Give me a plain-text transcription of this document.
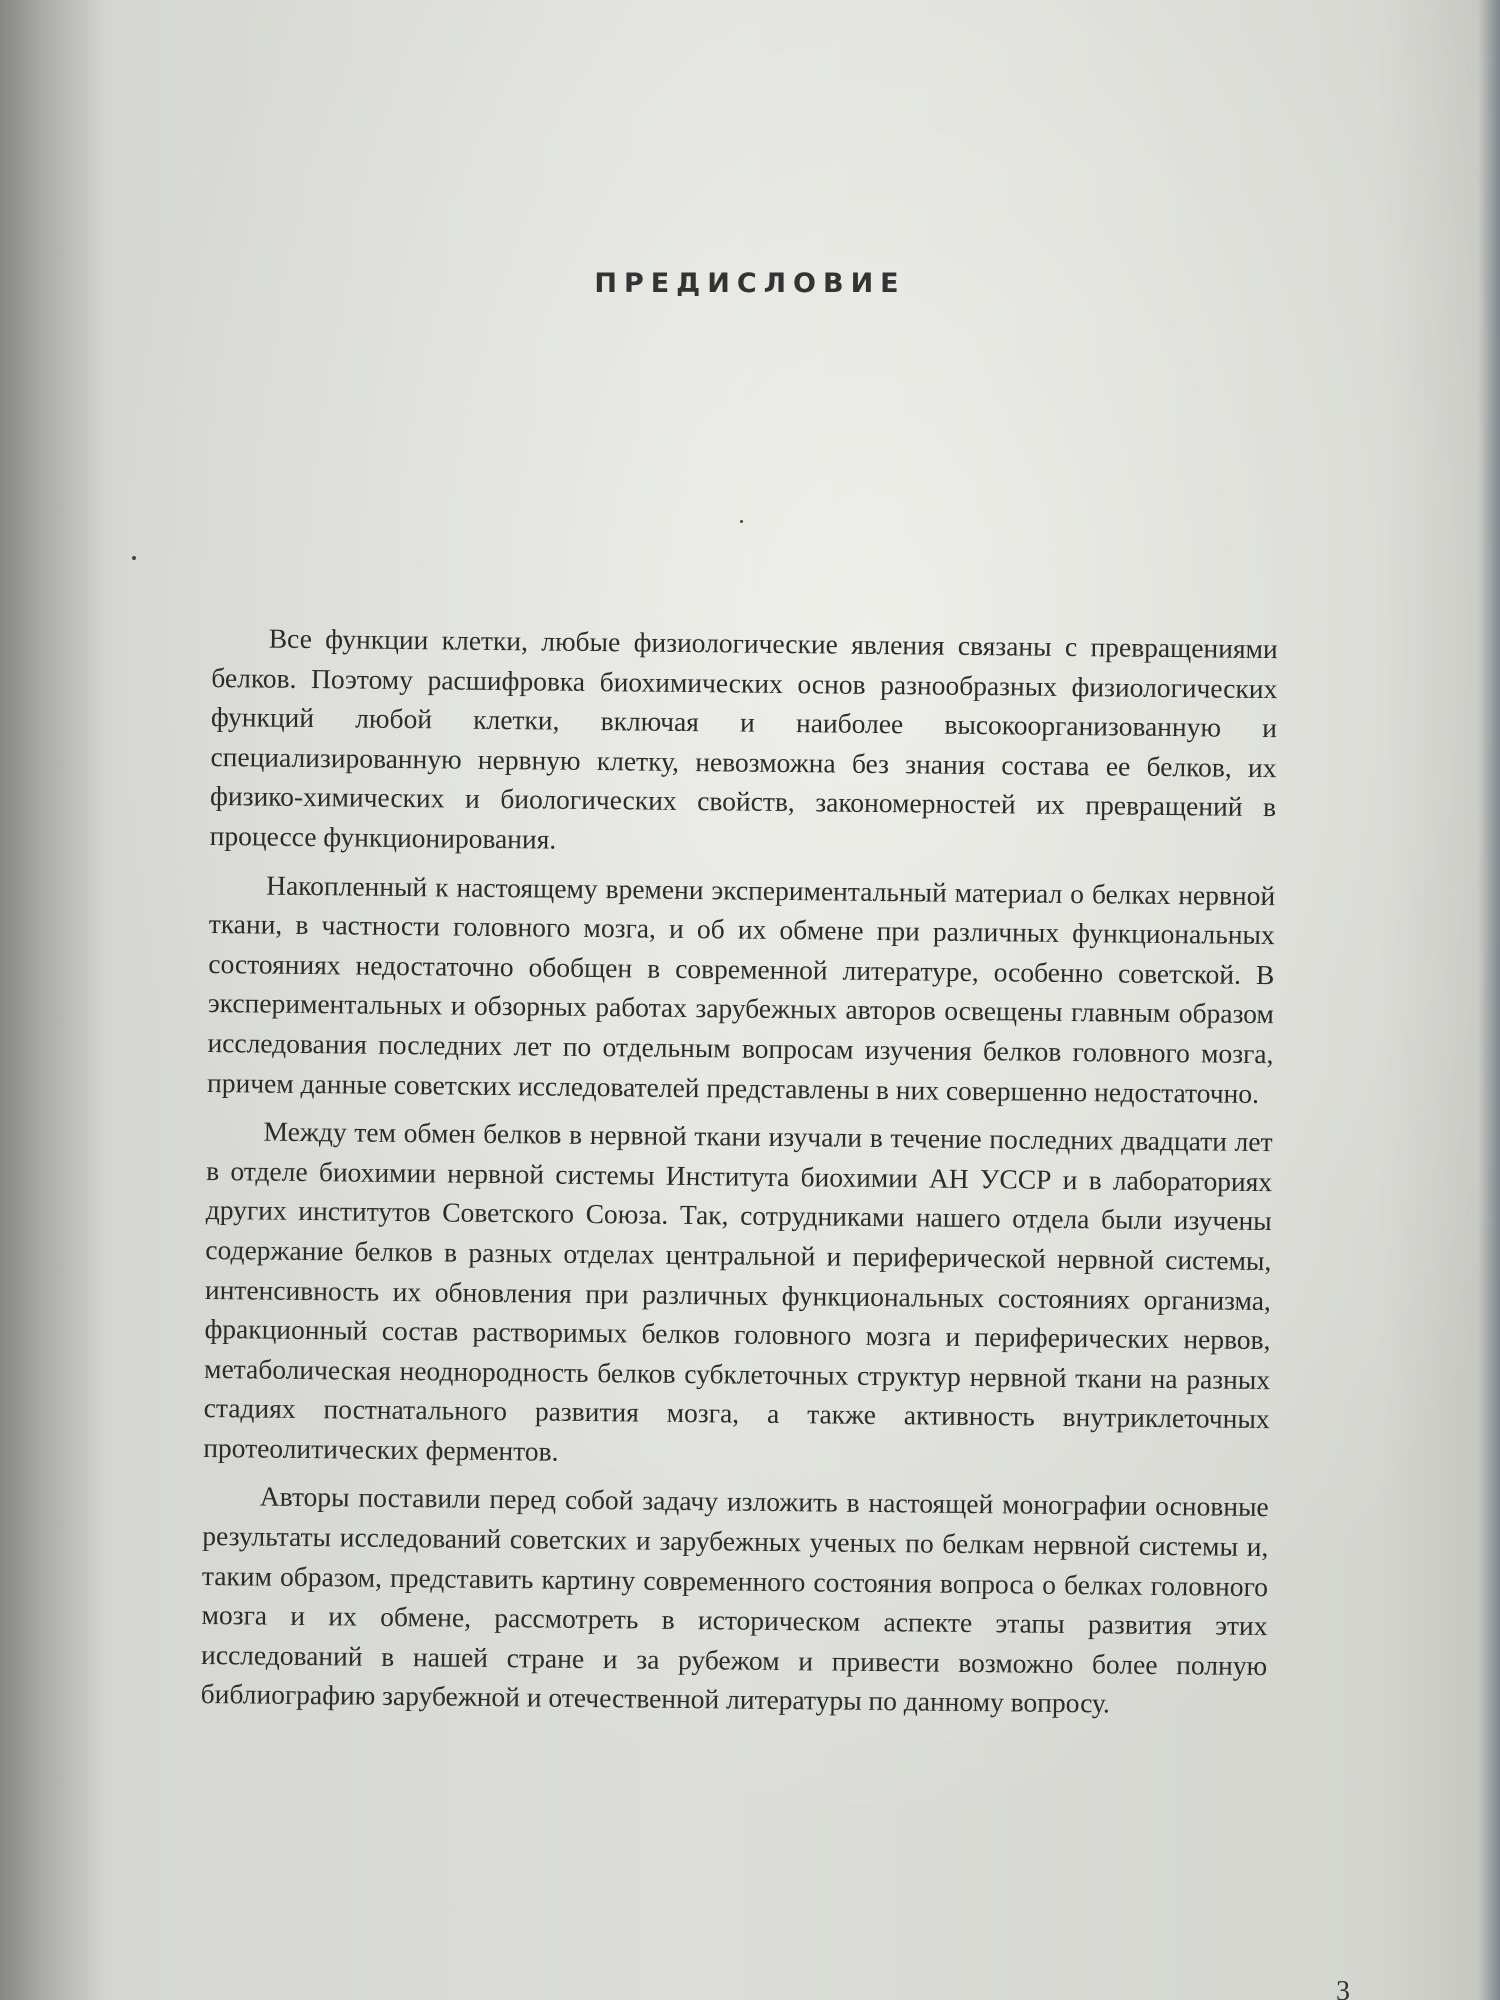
ПРЕДИСЛОВИЕ

Все функции клетки, любые физиологические явления связаны с превращениями белков. Поэтому расшифровка биохимических основ разнообразных физиологических функций любой клетки, включая и наиболее высокоорганизованную и специализированную нервную клетку, невозможна без знания состава ее белков, их физико-химических и биологических свойств, закономерностей их превращений в процессе функционирования.

Накопленный к настоящему времени экспериментальный материал о белках нервной ткани, в частности головного мозга, и об их обмене при различных функциональных состояниях недостаточно обобщен в современной литературе, особенно советской. В экспериментальных и обзорных работах зарубежных авторов освещены главным образом исследования последних лет по отдельным вопросам изучения белков головного мозга, причем данные советских исследователей представлены в них совершенно недостаточно.

Между тем обмен белков в нервной ткани изучали в течение последних двадцати лет в отделе биохимии нервной системы Института биохимии АН УССР и в лабораториях других институтов Советского Союза. Так, сотрудниками нашего отдела были изучены содержание белков в разных отделах центральной и периферической нервной системы, интенсивность их обновления при различных функциональных состояниях организма, фракционный состав растворимых белков головного мозга и периферических нервов, метаболическая неоднородность белков субклеточных структур нервной ткани на разных стадиях постнатального развития мозга, а также активность внутриклеточных протеолитических ферментов.

Авторы поставили перед собой задачу изложить в настоящей монографии основные результаты исследований советских и зарубежных ученых по белкам нервной системы и, таким образом, представить картину современного состояния вопроса о белках головного мозга и их обмене, рассмотреть в историческом аспекте этапы развития этих исследований в нашей стране и за рубежом и привести возможно более полную библиографию зарубежной и отечественной литературы по данному вопросу.

3
